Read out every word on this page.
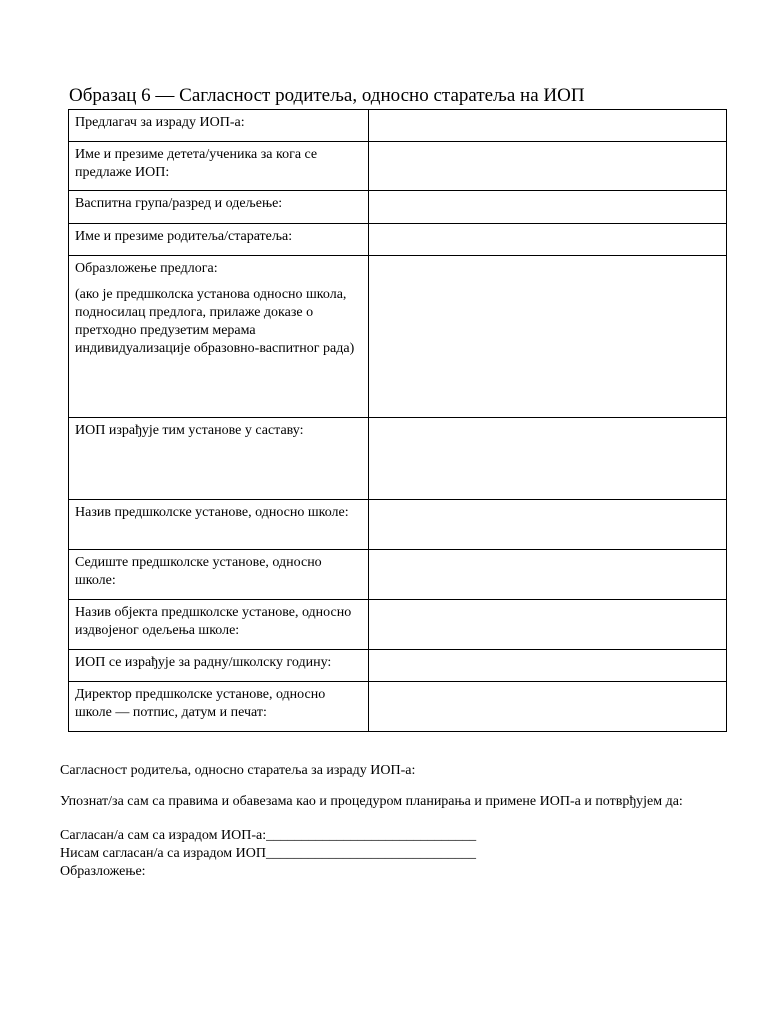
Образац 6 — Сагласност родитеља, односно старатеља на ИОП
Предлагач за израду ИОП-а:	
Име и презиме детета/ученика за кога се предлаже ИОП:	
Васпитна група/разред и одељење:	
Име и презиме родитеља/старатеља:	

Образложење предлога:
(ако је предшколска установа односно школа, подносилац предлога, прилаже доказе о претходно предузетим мерама индивидуализације образовно-васпитног рада)	

ИОП израђује тим установе у саставу:	
Назив предшколске установе, односно школе:	
Седиште предшколске установе, односно школе:	
Назив објекта предшколске установе, односно издвојеног одељења школе:	
ИОП се израђује за радну/школску годину:	
Директор предшколске установе, односно школе — потпис, датум и печат:	

Сагласност родитеља, односно старатеља за израду ИОП-а:

Упознат/за сам са правима и обавезама као и процедуром планирања и примене ИОП-а и потврђујем да:

Сагласан/а сам са израдом ИОП-а:______________________________

Нисам сагласан/а са израдом ИОП______________________________

Образложење:
